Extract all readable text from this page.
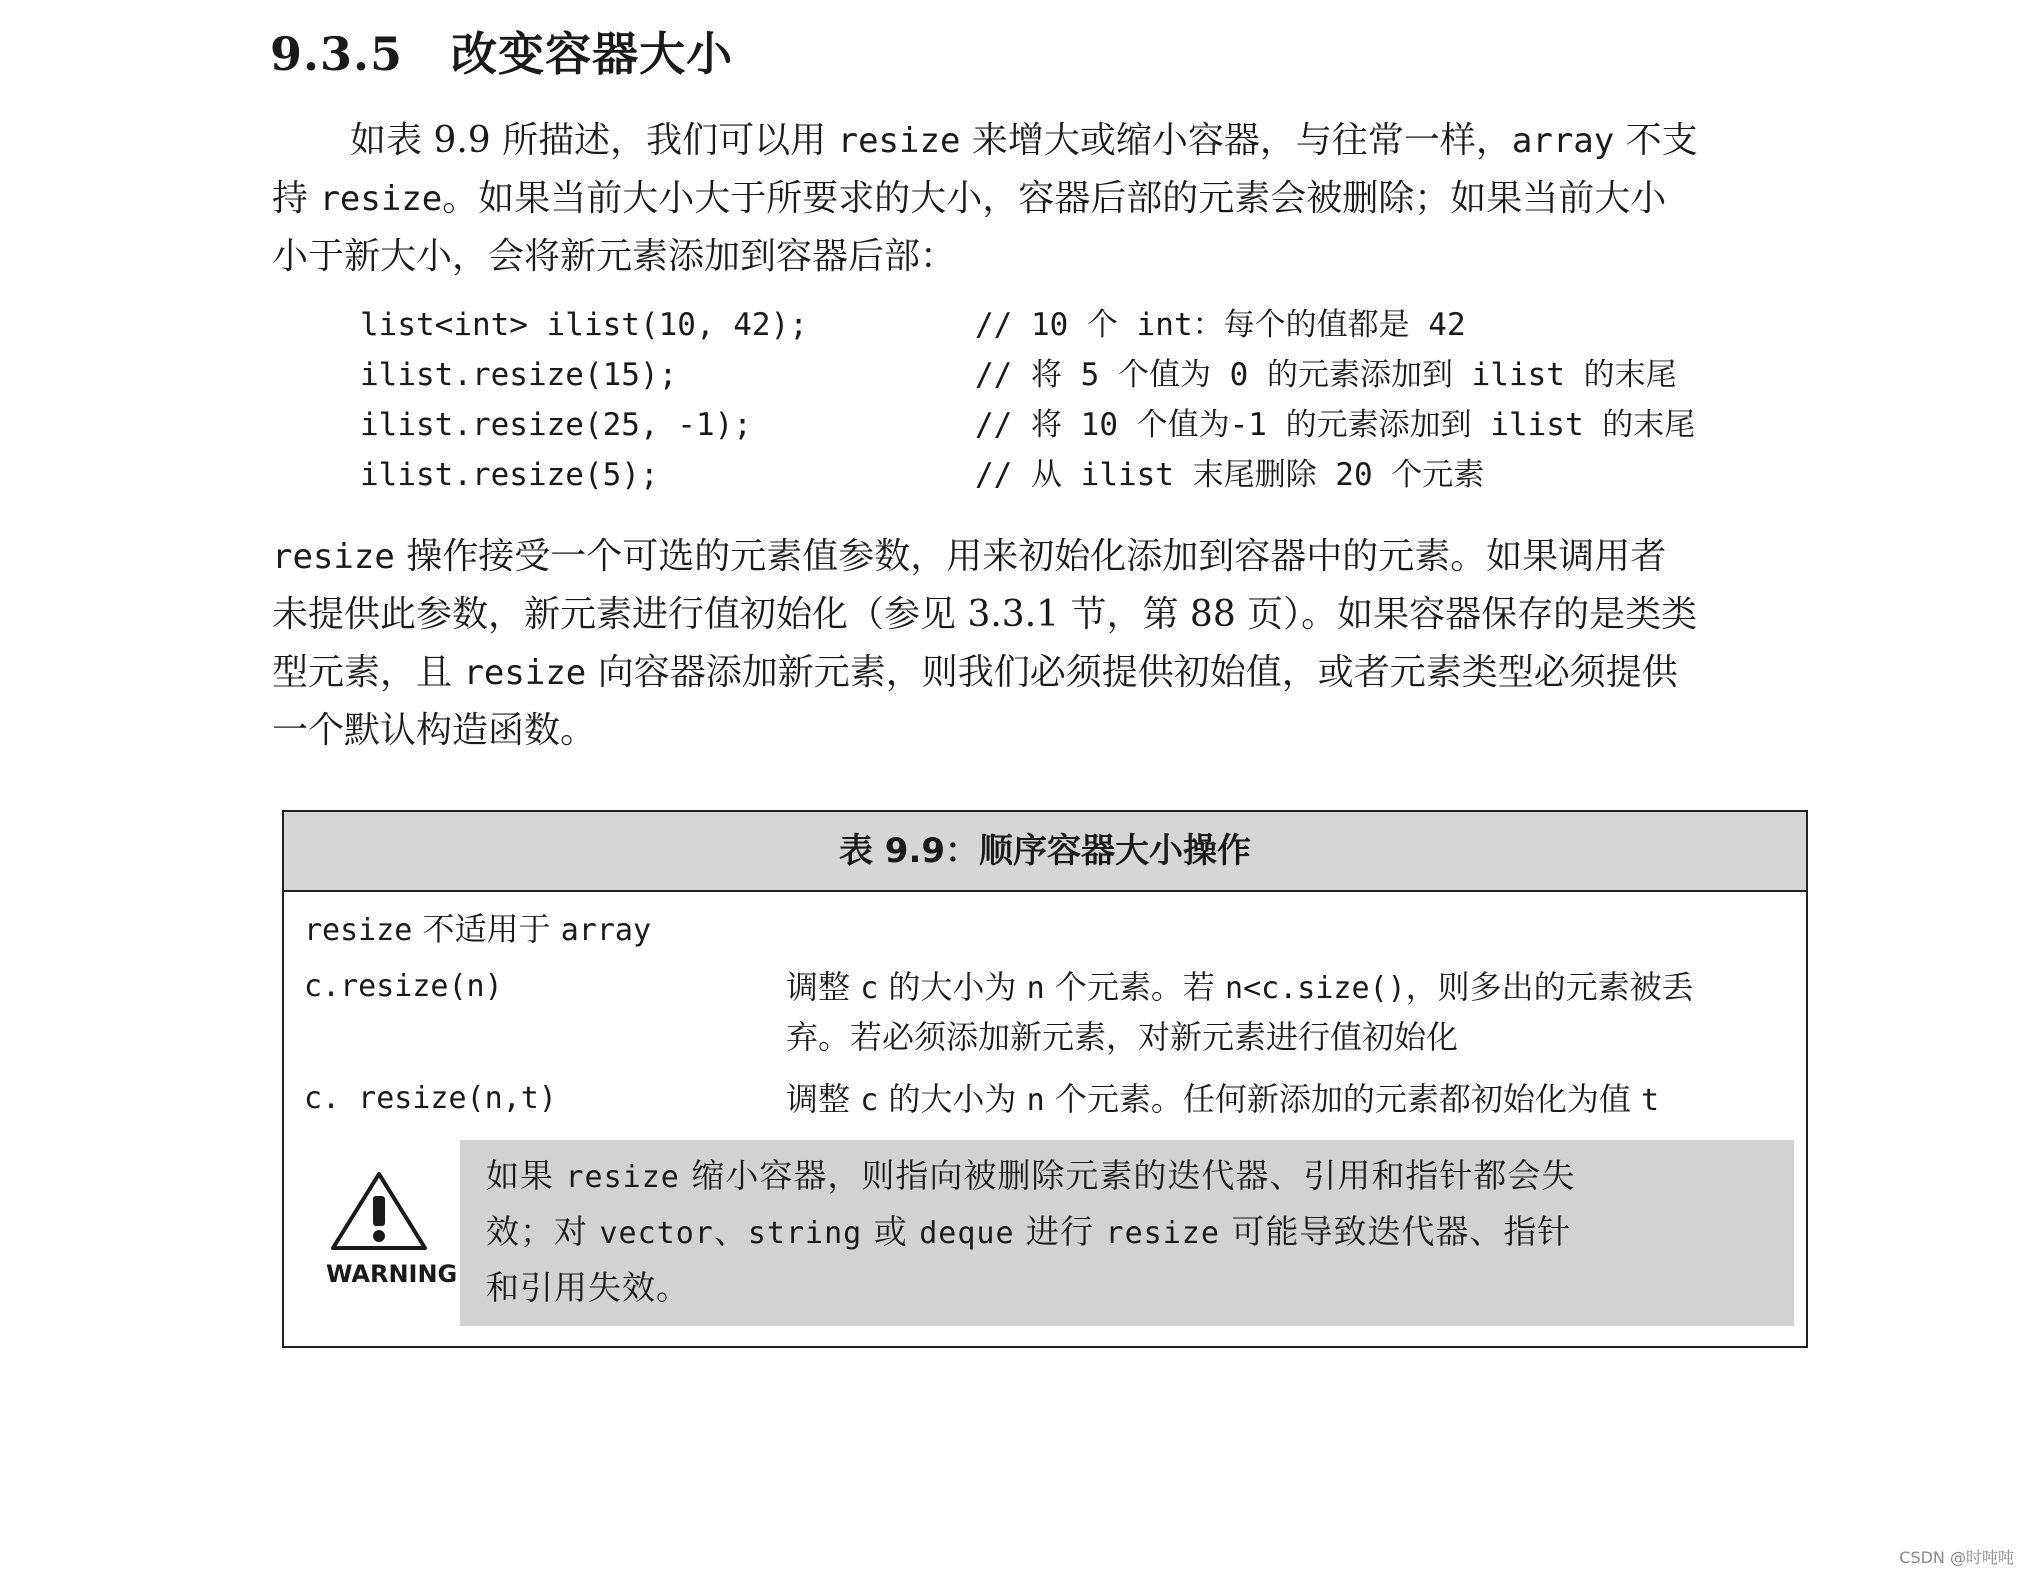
9.3.5 改变容器大小
如表 9.9 所描述，我们可以用 resize 来增大或缩小容器，与往常一样，array 不支
持 resize。如果当前大小大于所要求的大小，容器后部的元素会被删除；如果当前大小
小于新大小，会将新元素添加到容器后部：
list<int> ilist(10, 42);	// 10 个 int：每个的值都是 42
ilist.resize(15);	// 将 5 个值为 0 的元素添加到 ilist 的末尾
ilist.resize(25, -1);	// 将 10 个值为-1 的元素添加到 ilist 的末尾
ilist.resize(5);	// 从 ilist 末尾删除 20 个元素
resize 操作接受一个可选的元素值参数，用来初始化添加到容器中的元素。如果调用者
未提供此参数，新元素进行值初始化（参见 3.3.1 节，第 88 页）。如果容器保存的是类类
型元素，且 resize 向容器添加新元素，则我们必须提供初始值，或者元素类型必须提供
一个默认构造函数。
表 9.9：顺序容器大小操作
resize 不适用于 array
c.resize(n)	调整 c 的大小为 n 个元素。若 n<c.size()，则多出的元素被丢
弃。若必须添加新元素，对新元素进行值初始化
c. resize(n,t)	调整 c 的大小为 n 个元素。任何新添加的元素都初始化为值 t
WARNING
如果 resize 缩小容器，则指向被删除元素的迭代器、引用和指针都会失
效；对 vector、string 或 deque 进行 resize 可能导致迭代器、指针
和引用失效。
CSDN @时吨吨
